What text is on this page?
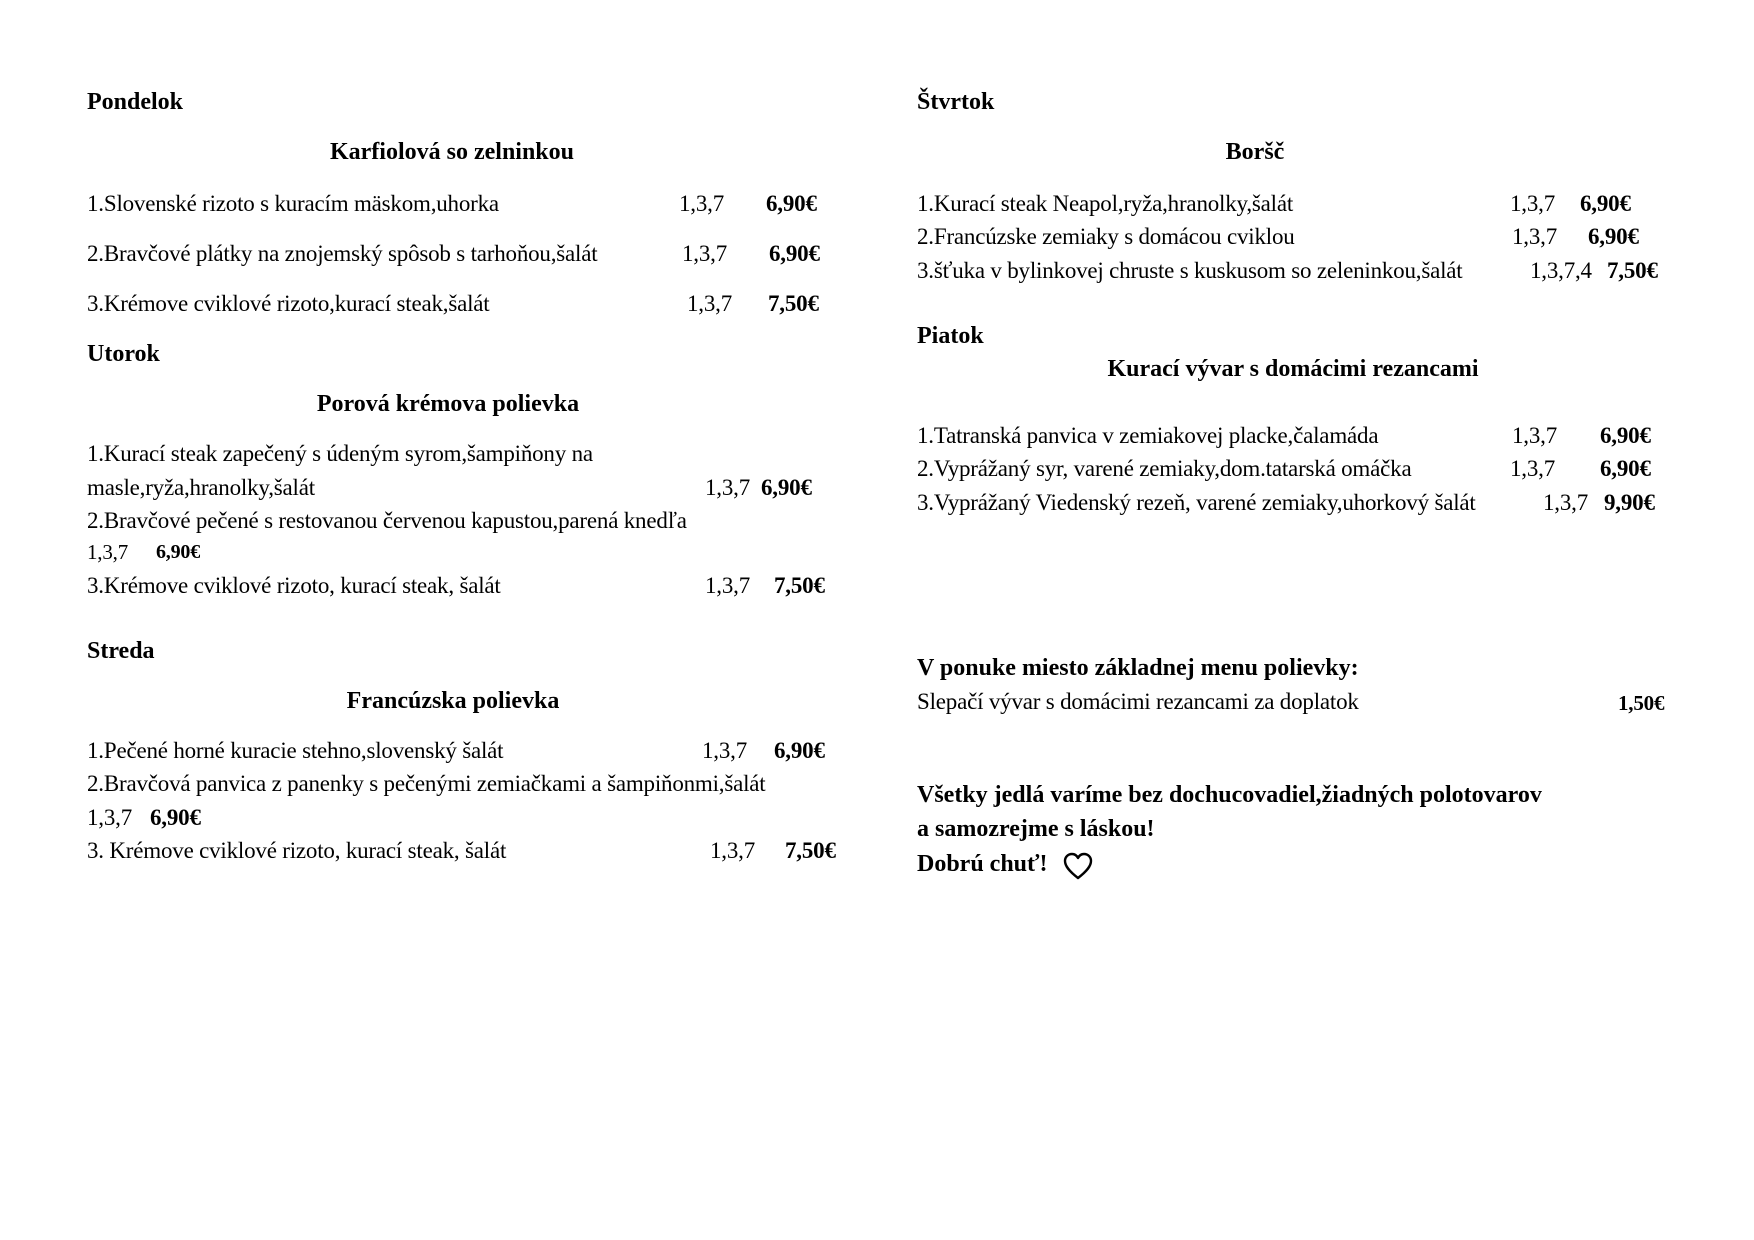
Pondelok
Karfiolová so zelninkou
1.Slovenské rizoto s kuracím mäskom,uhorka	1,3,7 6,90€
2.Bravčové plátky na znojemský spôsob s tarhoňou,šalát	1,3,7 6,90€
3.Krémove cviklové rizoto,kurací steak,šalát	1,3,7 7,50€
Utorok
Porová krémova polievka
1.Kurací steak zapečený s údeným syrom,šampiňony na
masle,ryža,hranolky,šalát	1,3,7 6,90€
2.Bravčové pečené s restovanou červenou kapustou,parená knedľa
1,3,7 6,90€
3.Krémove cviklové rizoto, kurací steak, šalát	1,3,7 7,50€
Streda
Francúzska polievka
1.Pečené horné kuracie stehno,slovenský šalát	1,3,7 6,90€
2.Bravčová panvica z panenky s pečenými zemiačkami a šampiňonmi,šalát
1,3,7 6,90€
3. Krémove cviklové rizoto, kurací steak, šalát	1,3,7 7,50€
Štvrtok
Boršč
1.Kurací steak Neapol,ryža,hranolky,šalát	1,3,7 6,90€
2.Francúzske zemiaky s domácou cviklou	1,3,7 6,90€
3.šťuka v bylinkovej chruste s kuskusom so zeleninkou,šalát	1,3,7,4 7,50€
Piatok
Kurací vývar s domácimi rezancami
1.Tatranská panvica v zemiakovej placke,čalamáda	1,3,7 6,90€
2.Vyprážaný syr, varené zemiaky,dom.tatarská omáčka	1,3,7 6,90€
3.Vyprážaný Viedenský rezeň, varené zemiaky,uhorkový šalát	1,3,7 9,90€
V ponuke miesto základnej menu polievky:
Slepačí vývar s domácimi rezancami za doplatok	1,50€
Všetky jedlá varíme bez dochucovadiel,žiadných polotovarov
a samozrejme s láskou!
Dobrú chuť!
